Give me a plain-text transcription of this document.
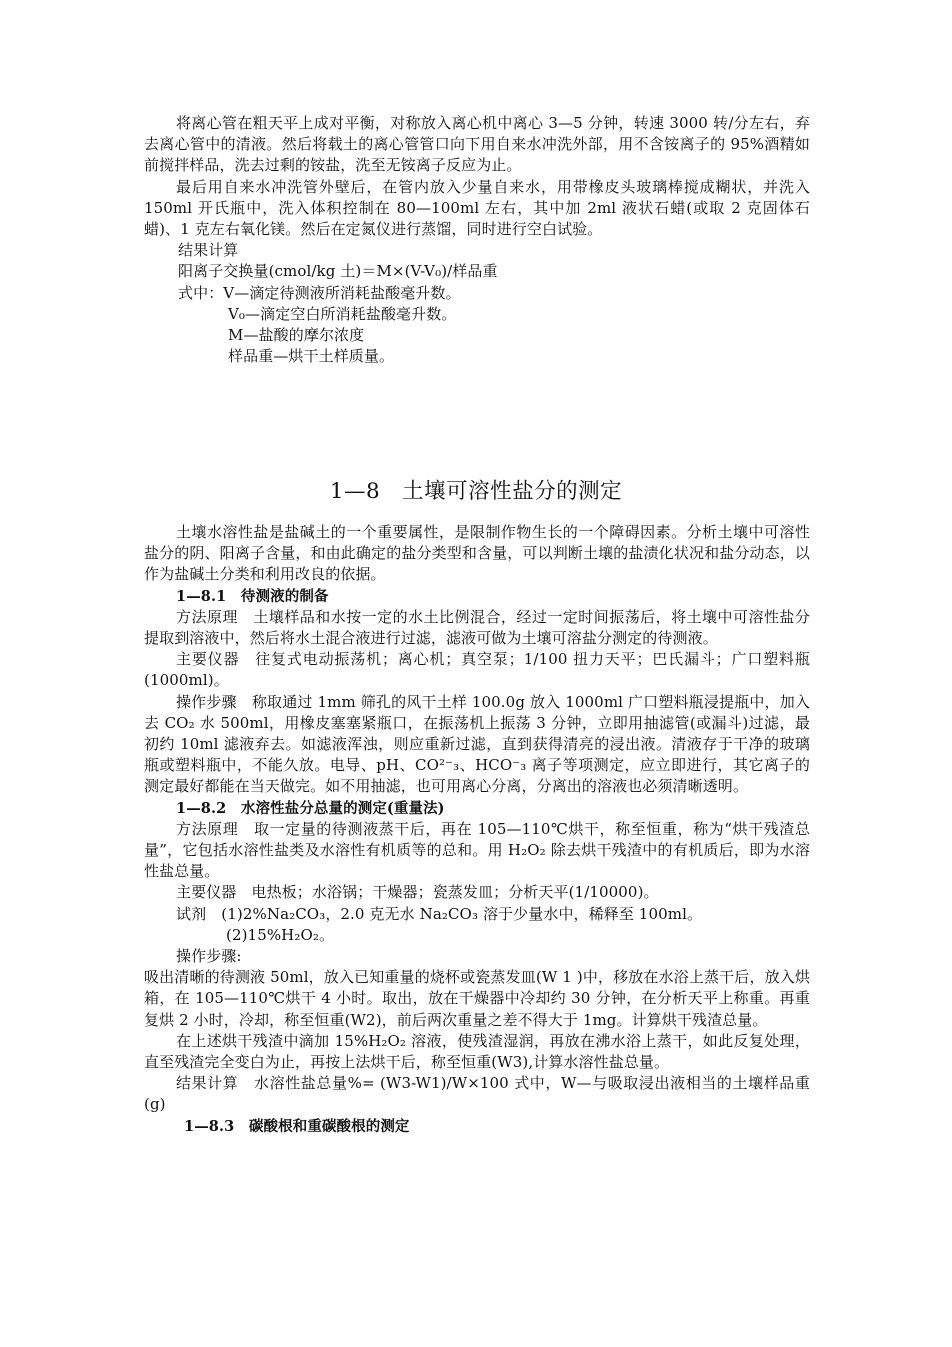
将离心管在粗天平上成对平衡，对称放入离心机中离心 3—5 分钟，转速 3000 转/分左右，弃去离心管中的清液。然后将载土的离心管管口向下用自来水冲洗外部，用不含铵离子的 95%酒精如前搅拌样品，洗去过剩的铵盐，洗至无铵离子反应为止。

最后用自来水冲洗管外壁后，在管内放入少量自来水，用带橡皮头玻璃棒搅成糊状，并洗入 150ml 开氏瓶中，洗入体积控制在 80—100ml 左右，其中加 2ml 液状石蜡(或取 2 克固体石蜡)、1 克左右氧化镁。然后在定氮仪进行蒸馏，同时进行空白试验。

结果计算

阳离子交换量(cmol/kg 土)＝M×(V-V₀)/样品重

式中：V—滴定待测液所消耗盐酸毫升数。

V₀—滴定空白所消耗盐酸毫升数。

M—盐酸的摩尔浓度

样品重—烘干土样质量。

1—8　土壤可溶性盐分的测定

土壤水溶性盐是盐碱土的一个重要属性，是限制作物生长的一个障碍因素。分析土壤中可溶性盐分的阴、阳离子含量，和由此确定的盐分类型和含量，可以判断土壤的盐渍化状况和盐分动态，以作为盐碱土分类和利用改良的依据。

1—8.1　待测液的制备

方法原理　土壤样品和水按一定的水土比例混合，经过一定时间振荡后，将土壤中可溶性盐分提取到溶液中，然后将水土混合液进行过滤，滤液可做为土壤可溶盐分测定的待测液。

主要仪器　往复式电动振荡机；离心机；真空泵；1/100 扭力天平；巴氏漏斗；广口塑料瓶(1000ml)。

操作步骤　称取通过 1mm 筛孔的风干土样 100.0g 放入 1000ml 广口塑料瓶浸提瓶中，加入去 CO₂ 水 500ml，用橡皮塞塞紧瓶口，在振荡机上振荡 3 分钟，立即用抽滤管(或漏斗)过滤，最初约 10ml 滤液弃去。如滤液浑浊，则应重新过滤，直到获得清亮的浸出液。清液存于干净的玻璃瓶或塑料瓶中，不能久放。电导、pH、CO²⁻₃、HCO⁻₃ 离子等项测定，应立即进行，其它离子的测定最好都能在当天做完。如不用抽滤，也可用离心分离，分离出的溶液也必须清晰透明。

1—8.2　水溶性盐分总量的测定(重量法)

方法原理　取一定量的待测液蒸干后，再在 105—110℃烘干，称至恒重，称为“烘干残渣总量”，它包括水溶性盐类及水溶性有机质等的总和。用 H₂O₂ 除去烘干残渣中的有机质后，即为水溶性盐总量。

主要仪器　电热板；水浴锅；干燥器；瓷蒸发皿；分析天平(1/10000)。

试剂　(1)2%Na₂CO₃，2.0 克无水 Na₂CO₃ 溶于少量水中，稀释至 100ml。

(2)15%H₂O₂。

操作步骤:

吸出清晰的待测液 50ml，放入已知重量的烧杯或瓷蒸发皿(W 1 )中，移放在水浴上蒸干后，放入烘箱，在 105—110℃烘干 4 小时。取出，放在干燥器中冷却约 30 分钟，在分析天平上称重。再重复烘 2 小时，冷却，称至恒重(W2)，前后两次重量之差不得大于 1mg。计算烘干残渣总量。

在上述烘干残渣中滴加 15%H₂O₂ 溶液，使残渣湿润，再放在沸水浴上蒸干，如此反复处理，直至残渣完全变白为止，再按上法烘干后，称至恒重(W3),计算水溶性盐总量。

结果计算　水溶性盐总量%= (W3-W1)/W×100 式中，W—与吸取浸出液相当的土壤样品重(g)

1—8.3　碳酸根和重碳酸根的测定
